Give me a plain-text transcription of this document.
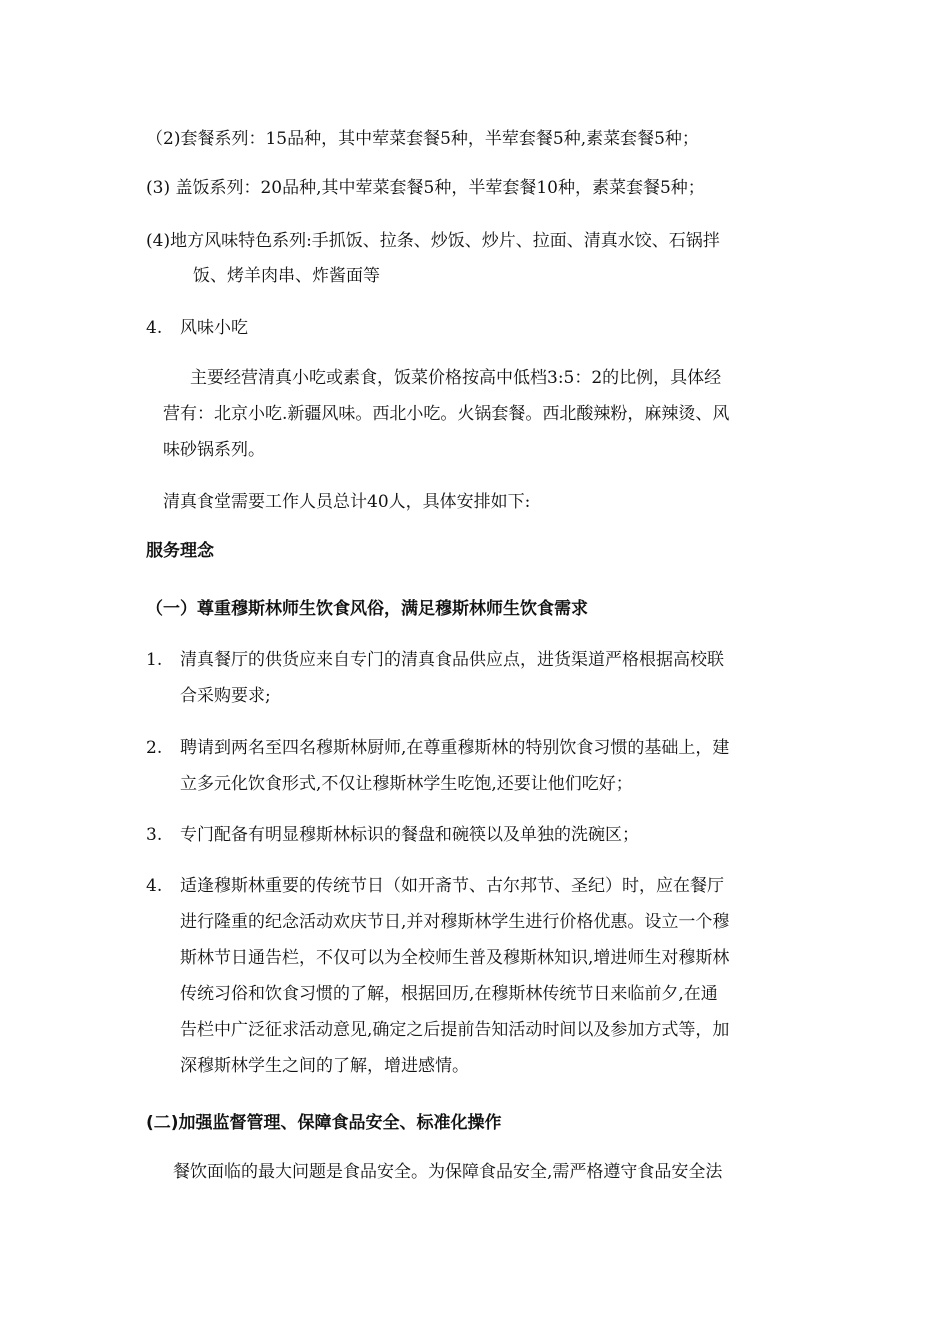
（2)套餐系列：15品种，其中荤菜套餐5种，半荤套餐5种,素菜套餐5种；
(3) 盖饭系列：20品种,其中荤菜套餐5种，半荤套餐10种，素菜套餐5种；
(4)地方风味特色系列:手抓饭、拉条、炒饭、炒片、拉面、清真水饺、石锅拌
饭、烤羊肉串、炸酱面等
4. 风味小吃
主要经营清真小吃或素食，饭菜价格按高中低档3:5：2的比例，具体经
营有：北京小吃.新疆风味。西北小吃。火锅套餐。西北酸辣粉，麻辣烫、风
味砂锅系列。
清真食堂需要工作人员总计40人，具体安排如下:
服务理念
（一）尊重穆斯林师生饮食风俗，满足穆斯林师生饮食需求
1. 清真餐厅的供货应来自专门的清真食品供应点，进货渠道严格根据高校联
合采购要求;
2. 聘请到两名至四名穆斯林厨师,在尊重穆斯林的特别饮食习惯的基础上，建
立多元化饮食形式,不仅让穆斯林学生吃饱,还要让他们吃好；
3. 专门配备有明显穆斯林标识的餐盘和碗筷以及单独的洗碗区；
4. 适逢穆斯林重要的传统节日（如开斋节、古尔邦节、圣纪）时，应在餐厅
进行隆重的纪念活动欢庆节日,并对穆斯林学生进行价格优惠。设立一个穆
斯林节日通告栏，不仅可以为全校师生普及穆斯林知识,增进师生对穆斯林
传统习俗和饮食习惯的了解，根据回历,在穆斯林传统节日来临前夕,在通
告栏中广泛征求活动意见,确定之后提前告知活动时间以及参加方式等，加
深穆斯林学生之间的了解，增进感情。
(二)加强监督管理、保障食品安全、标准化操作
餐饮面临的最大问题是食品安全。为保障食品安全,需严格遵守食品安全法
